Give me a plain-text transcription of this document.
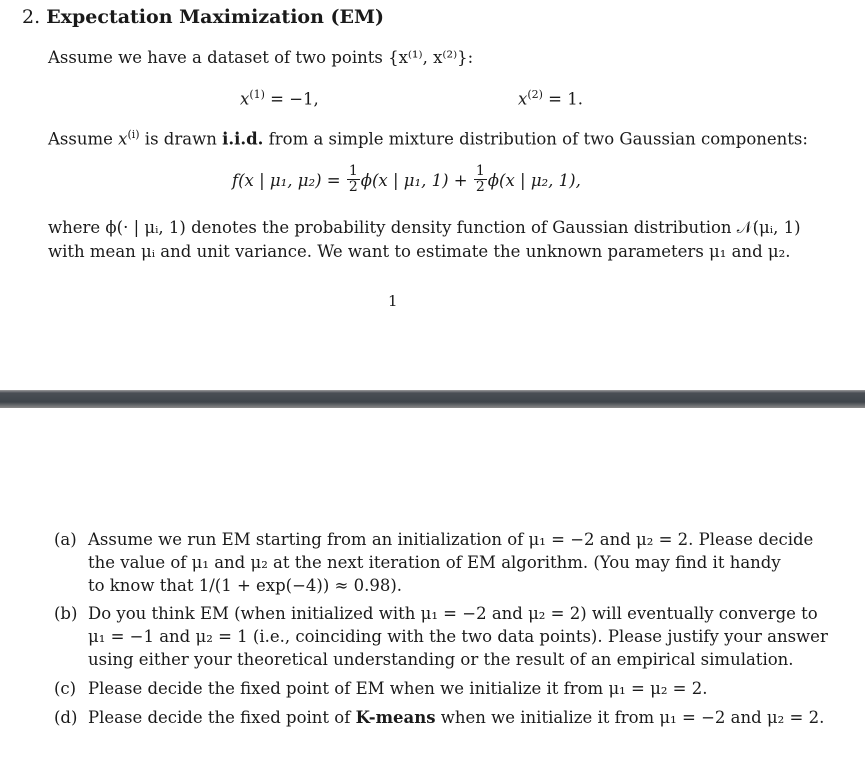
2. Expectation Maximization (EM)
Assume we have a dataset of two points {x⁽¹⁾, x⁽²⁾}:
$x^{(1)} = -1$,	$x^{(2)} = 1$.
Assume $x^{(i)}$ is drawn i.i.d. from a simple mixture distribution of two Gaussian components:
f(x | μ₁, $\mu_2) = \frac{1}{2} \phi(x$ | μ₁, $1) + \frac{1}{2} \phi(x$ | μ₂, 1),
where ϕ(· | μᵢ, 1) denotes the probability density function of Gaussian distribution 𝒩(μᵢ, 1)
with mean μᵢ and unit variance. We want to estimate the unknown parameters μ₁ and μ₂.
1
(a) Assume we run EM starting from an initialization of μ₁ = −2 and μ₂ = 2. Please decide
the value of μ₁ and μ₂ at the next iteration of EM algorithm. (You may find it handy
to know that 1/(1 + exp(−4)) ≈ 0.98).
(b) Do you think EM (when initialized with μ₁ = −2 and μ₂ = 2) will eventually converge to
μ₁ = −1 and μ₂ = 1 (i.e., coinciding with the two data points). Please justify your answer
using either your theoretical understanding or the result of an empirical simulation.
(c) Please decide the fixed point of EM when we initialize it from μ₁ = μ₂ = 2.
(d) Please decide the fixed point of K-means when we initialize it from μ₁ = −2 and μ₂ = 2.
